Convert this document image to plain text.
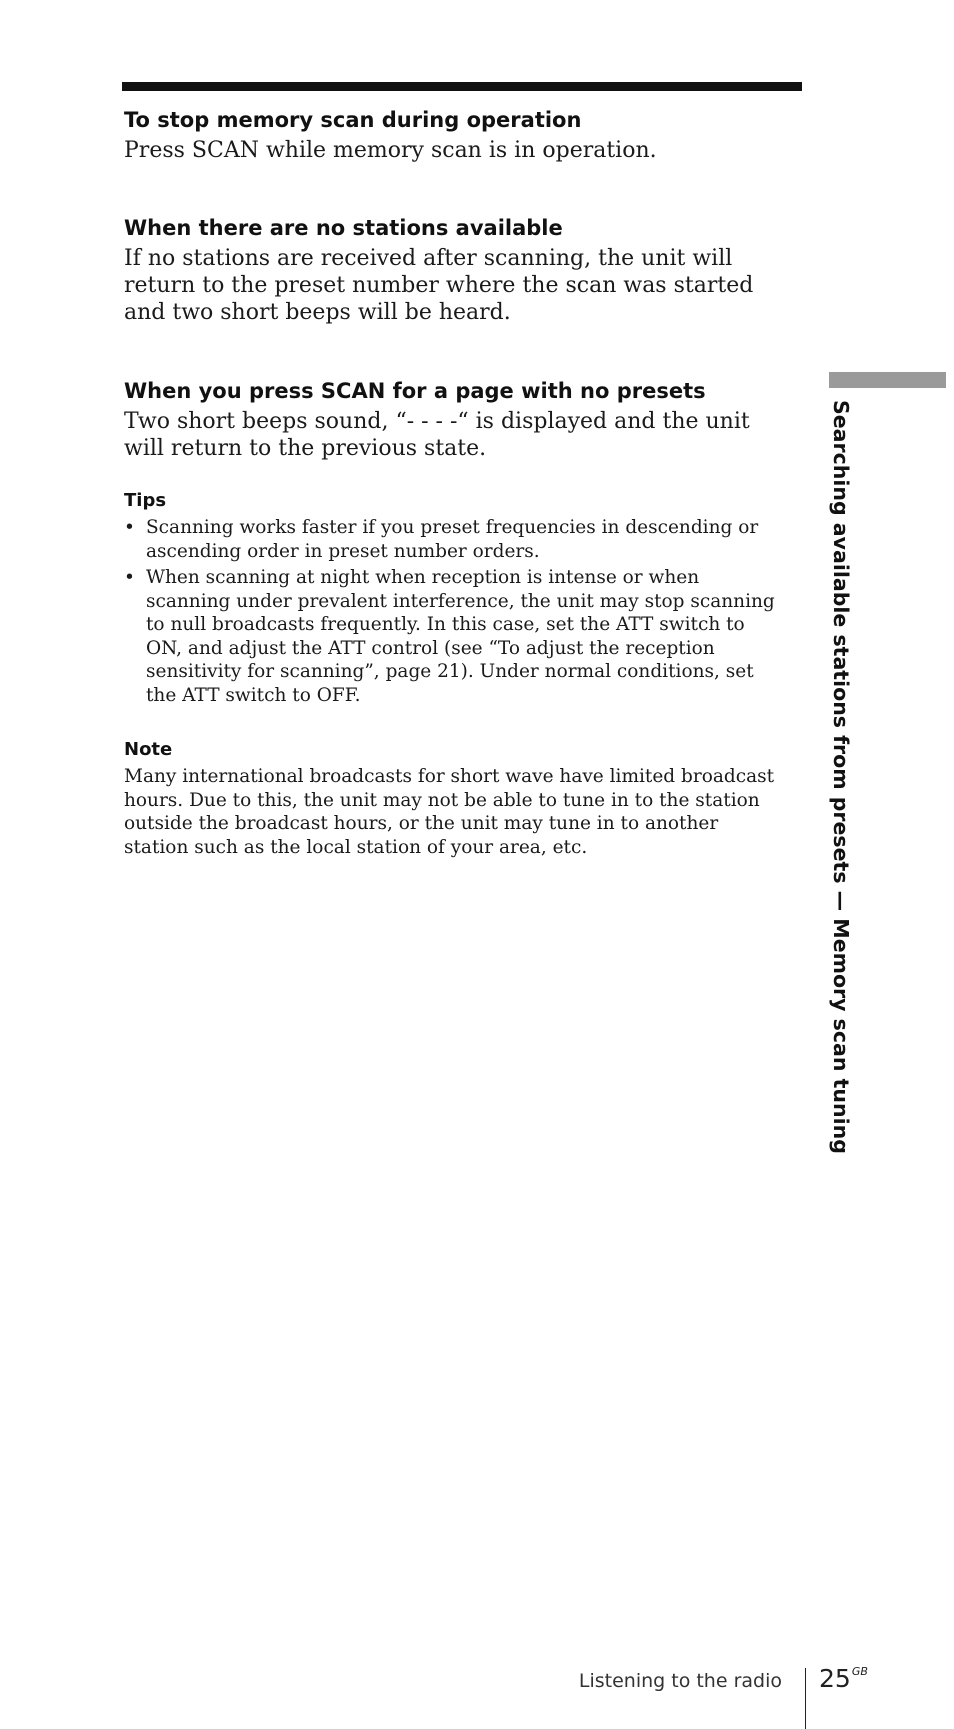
To stop memory scan during operation
Press SCAN while memory scan is in operation.
When there are no stations available
If no stations are received after scanning, the unit will return to the preset number where the scan was started and two short beeps will be heard.
When you press SCAN for a page with no presets
Two short beeps sound, “- - - -“ is displayed and the unit will return to the previous state.
Tips
• Scanning works faster if you preset frequencies in descending or ascending order in preset number orders.
• When scanning at night when reception is intense or when scanning under prevalent interference, the unit may stop scanning to null broadcasts frequently. In this case, set the ATT switch to ON, and adjust the ATT control (see “To adjust the reception sensitivity for scanning”, page 21). Under normal conditions, set the ATT switch to OFF.
Note
Many international broadcasts for short wave have limited broadcast hours. Due to this, the unit may not be able to tune in to the station outside the broadcast hours, or the unit may tune in to another station such as the local station of your area, etc.	Searching available stations from presets — Memory scan tuning
Listening to the radio $25^{GB}$
